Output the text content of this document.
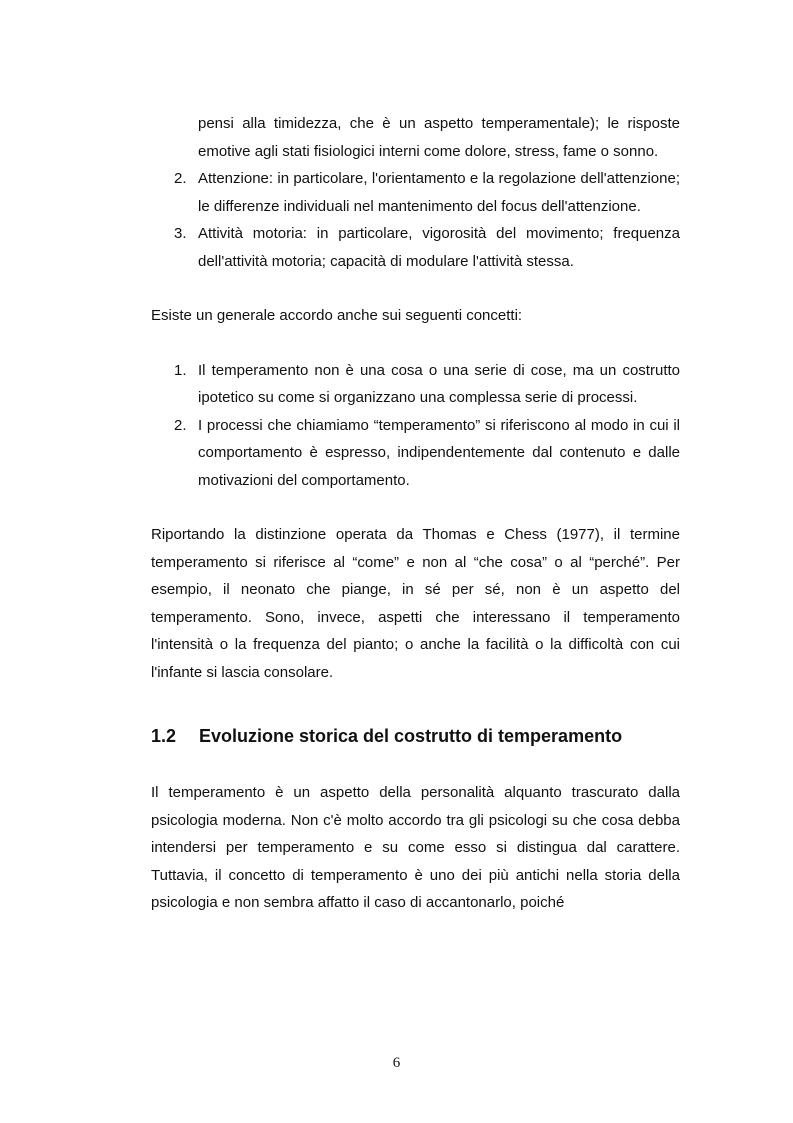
pensi alla timidezza, che è un aspetto temperamentale); le risposte emotive agli stati fisiologici interni come dolore, stress, fame o sonno.
2. Attenzione: in particolare, l'orientamento e la regolazione dell'attenzione; le differenze individuali nel mantenimento del focus dell'attenzione.
3. Attività motoria: in particolare, vigorosità del movimento; frequenza dell'attività motoria; capacità di modulare l'attività stessa.

Esiste un generale accordo anche sui seguenti concetti:

1. Il temperamento non è una cosa o una serie di cose, ma un costrutto ipotetico su come si organizzano una complessa serie di processi.
2. I processi che chiamiamo “temperamento” si riferiscono al modo in cui il comportamento è espresso, indipendentemente dal contenuto e dalle motivazioni del comportamento.

Riportando la distinzione operata da Thomas e Chess (1977), il termine temperamento si riferisce al “come” e non al “che cosa” o al “perché”. Per esempio, il neonato che piange, in sé per sé, non è un aspetto del temperamento. Sono, invece, aspetti che interessano il temperamento l'intensità o la frequenza del pianto; o anche la facilità o la difficoltà con cui l'infante si lascia consolare.

1.2	Evoluzione storica del costrutto di temperamento

Il temperamento è un aspetto della personalità alquanto trascurato dalla psicologia moderna. Non c'è molto accordo tra gli psicologi su che cosa debba intendersi per temperamento e su come esso si distingua dal carattere. Tuttavia, il concetto di temperamento è uno dei più antichi nella storia della psicologia e non sembra affatto il caso di accantonarlo, poiché

6
